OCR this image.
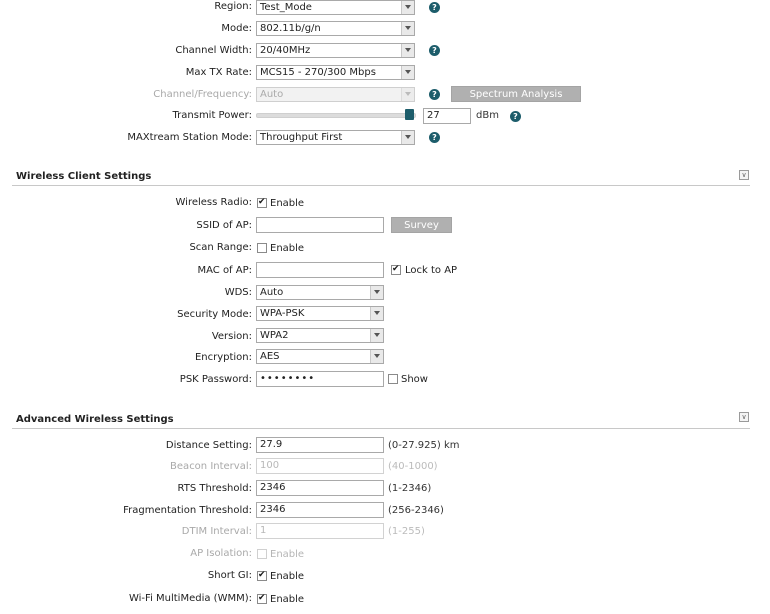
Region: Test_Mode	?
Mode: 802.11b/g/n
Channel Width: 20/40MHz	?
Max TX Rate: MCS15 - 270/300 Mbps
Channel/Frequency: Auto	?	Spectrum Analysis
Transmit Power:	27	dBm	?
MAXtream Station Mode: Throughput First	?
Wireless Client Settings	∨
Wireless Radio: ✔ Enable
SSID of AP:	Survey
Scan Range: Enable
MAC of AP:	✔ Lock to AP
WDS: Auto
Security Mode: WPA-PSK
Version: WPA2
Encryption: AES
PSK Password: ••••••••	Show
Advanced Wireless Settings	∨
Distance Setting: 27.9	(0-27.925) km
Beacon Interval: 100	(40-1000)
RTS Threshold: 2346	(1-2346)
Fragmentation Threshold: 2346	(256-2346)
DTIM Interval: 1	(1-255)
AP Isolation: Enable
Short GI: ✔ Enable
Wi-Fi MultiMedia (WMM): ✔ Enable
